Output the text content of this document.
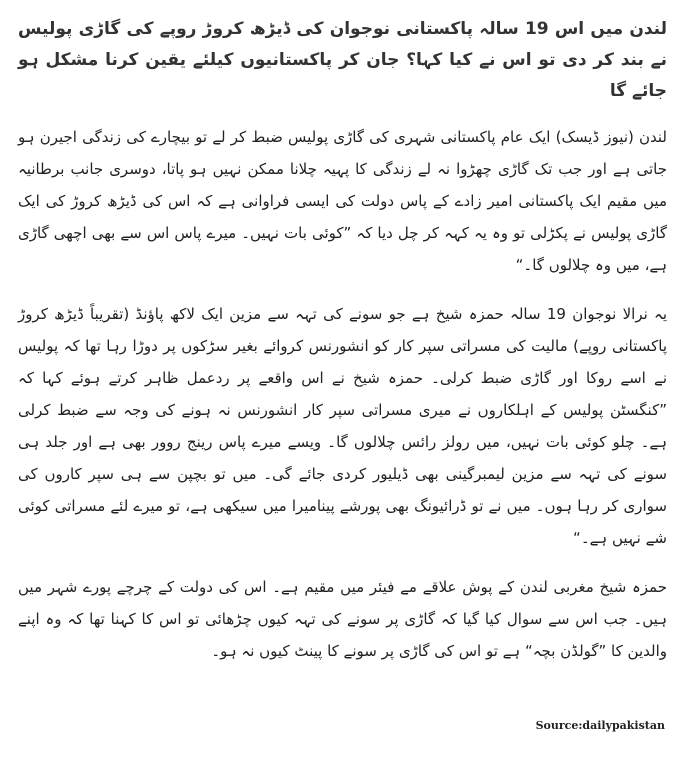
لندن میں اس 19 سالہ پاکستانی نوجوان کی ڈیڑھ کروڑ روپے کی گاڑی پولیس نے بند کر دی تو اس نے کیا کہا؟ جان کر پاکستانیوں کیلئے یقین کرنا مشکل ہو جائے گا

لندن (نیوز ڈیسک) ایک عام پاکستانی شہری کی گاڑی پولیس ضبط کر لے تو بیچارے کی زندگی اجیرن ہو جاتی ہے اور جب تک گاڑی چھڑوا نہ لے زندگی کا پہیہ چلانا ممکن نہیں ہو پاتا، دوسری جانب برطانیہ میں مقیم ایک پاکستانی امیر زادے کے پاس دولت کی ایسی فراوانی ہے کہ اس کی ڈیڑھ کروڑ کی ایک گاڑی پولیس نے پکڑلی تو وہ یہ کہہ کر چل دیا کہ ”کوئی بات نہیں۔ میرے پاس اس سے بھی اچھی گاڑی ہے، میں وہ چلالوں گا۔“

یہ نرالا نوجوان 19 سالہ حمزہ شیخ ہے جو سونے کی تہہ سے مزین ایک لاکھ پاﺅنڈ (تقریباً ڈیڑھ کروڑ پاکستانی روپے) مالیت کی مسراتی سپر کار کو انشورنس کروائے بغیر سڑکوں پر دوڑا رہا تھا کہ پولیس نے اسے روکا اور گاڑی ضبط کرلی۔ حمزہ شیخ نے اس واقعے پر ردعمل ظاہر کرتے ہوئے کہا کہ ”کنگسٹن پولیس کے اہلکاروں نے میری مسراتی سپر کار انشورنس نہ ہونے کی وجہ سے ضبط کرلی ہے۔ چلو کوئی بات نہیں، میں رولز رائس چلالوں گا۔ ویسے میرے پاس رینج روور بھی ہے اور جلد ہی سونے کی تہہ سے مزین لیمبرگینی بھی ڈیلیور کردی جائے گی۔ میں تو بچپن سے ہی سپر کاروں کی سواری کر رہا ہوں۔ میں نے تو ڈرائیونگ بھی پورشے پینامیرا میں سیکھی ہے، تو میرے لئے مسراتی کوئی شے نہیں ہے۔“

حمزہ شیخ مغربی لندن کے پوش علاقے مے فیئر میں مقیم ہے۔ اس کی دولت کے چرچے پورے شہر میں ہیں۔ جب اس سے سوال کیا گیا کہ گاڑی پر سونے کی تہہ کیوں چڑھائی تو اس کا کہنا تھا کہ وہ اپنے والدین کا ”گولڈن بچہ“ ہے تو اس کی گاڑی پر سونے کا پینٹ کیوں نہ ہو۔

Source:dailypakistan
